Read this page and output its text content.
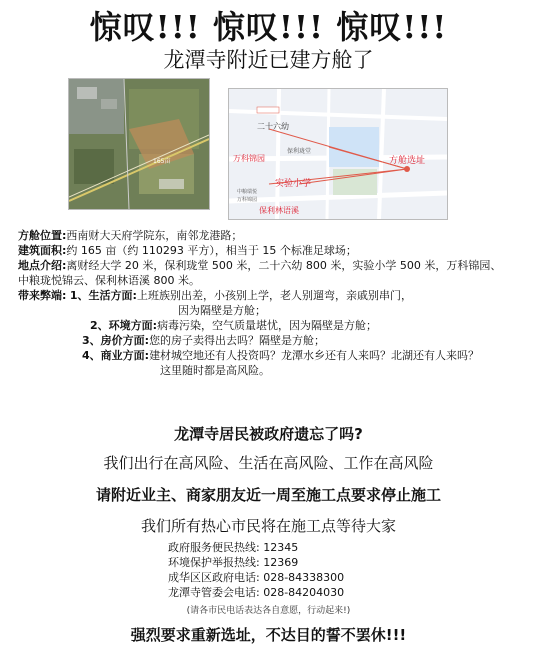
惊叹!!! 惊叹!!! 惊叹!!!
龙潭寺附近已建方舱了
165亩
二十六幼
万科锦园
保利珑堂
实验小学
方舱选址
中粮瑞悦
万科锦园
保利林语溪
方舱位置:西南财大天府学院东，南邻龙港路；
建筑面积:约 165 亩（约 110293 平方），相当于 15 个标准足球场；
地点介绍:离财经大学 20 米，保利珑堂 500 米，二十六幼 800 米，实验小学 500 米，万科锦园、
中粮珑悦锦云、保利林语溪 800 米。
带来弊端: 1、生活方面:上班族别出差，小孩别上学，老人别遛弯，亲戚别串门，
因为隔壁是方舱；
2、环境方面:病毒污染，空气质量堪忧，因为隔壁是方舱；
3、房价方面:您的房子卖得出去吗？隔壁是方舱；
4、商业方面:建材城空地还有人投资吗？龙潭水乡还有人来吗？北湖还有人来吗？
这里随时都是高风险。
龙潭寺居民被政府遗忘了吗?
我们出行在高风险、生活在高风险、工作在高风险
请附近业主、商家朋友近一周至施工点要求停止施工
我们所有热心市民将在施工点等待大家
政府服务便民热线: 12345
环境保护举报热线: 12369
成华区区政府电话: 028-84338300
龙潭寺管委会电话: 028-84204030
(请各市民电话表达各自意愿，行动起来!)
强烈要求重新选址，不达目的誓不罢休!!!
